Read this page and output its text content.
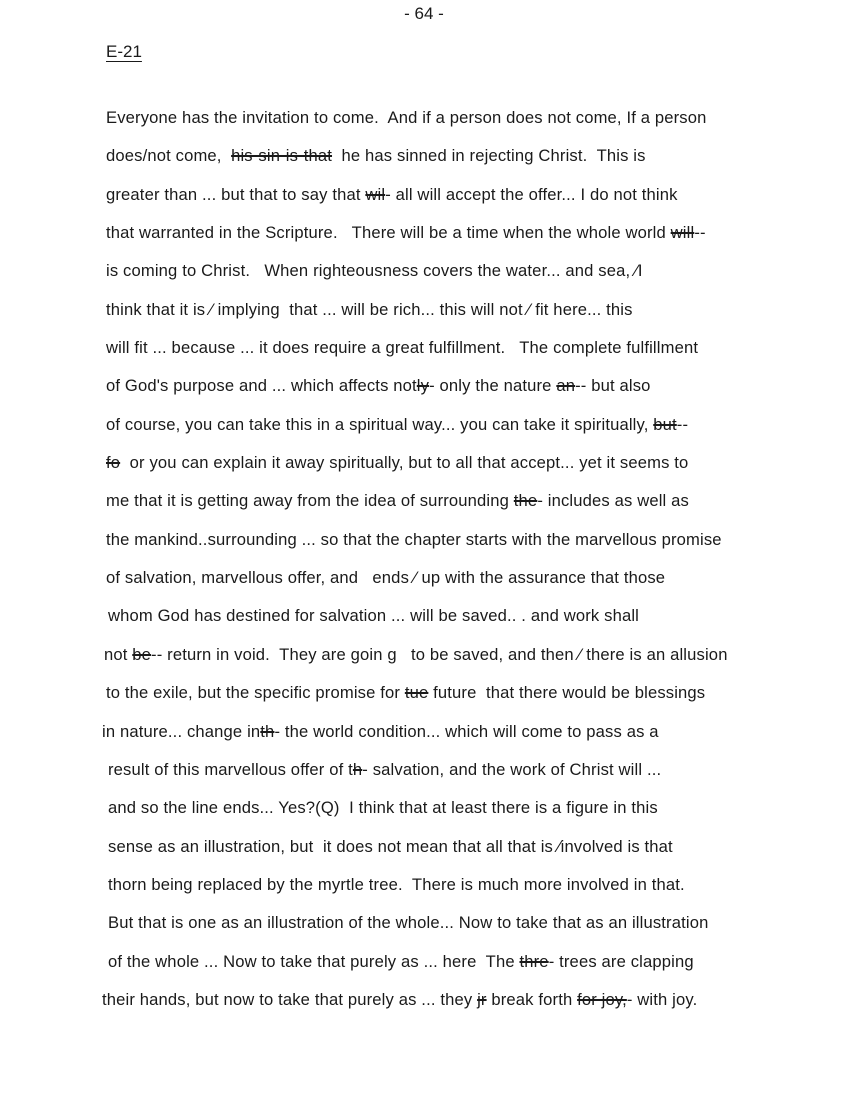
- 64 -
E-21
Everyone has the invitation to come.  And if a person does not come, If a person
does/not come,  his-sin-is-that  he has sinned in rejecting Christ.  This is
greater than ... but that to say that wil- all will accept the offer... I do not think
that warranted in the Scripture.   There will be a time when the whole world will--
is coming to Christ.   When righteousness covers the water... and sea, ⁄I
think that it is ⁄ implying  that ... will be rich... this will not ⁄ fit here... this
will fit ... because ... it does require a great fulfillment.   The complete fulfillment
of God's purpose and ... which affects notly- only the nature an-- but also
of course, you can take this in a spiritual way... you can take it spiritually, but--
fo  or you can explain it away spiritually, but to all that accept... yet it seems to
me that it is getting away from the idea of surrounding the- includes as well as
the mankind..surrounding ... so that the chapter starts with the marvellous promise
of salvation, marvellous offer, and   ends ⁄ up with the assurance that those
whom God has destined for salvation ... will be saved.. . and work shall
not be-- return in void.  They are goin g   to be saved, and then ⁄ there is an allusion
to the exile, but the specific promise for tue future  that there would be blessings
in nature... change inth- the world condition... which will come to pass as a
result of this marvellous offer of th- salvation, and the work of Christ will ...
and so the line ends... Yes?(Q)  I think that at least there is a figure in this
sense as an illustration, but  it does not mean that all that is ⁄involved is that
thorn being replaced by the myrtle tree.  There is much more involved in that.
But that is one as an illustration of the whole... Now to take that as an illustration
of the whole ... Now to take that purely as ... here  The thre- trees are clapping
their hands, but now to take that purely as ... they jr break forth for joy,- with joy.
